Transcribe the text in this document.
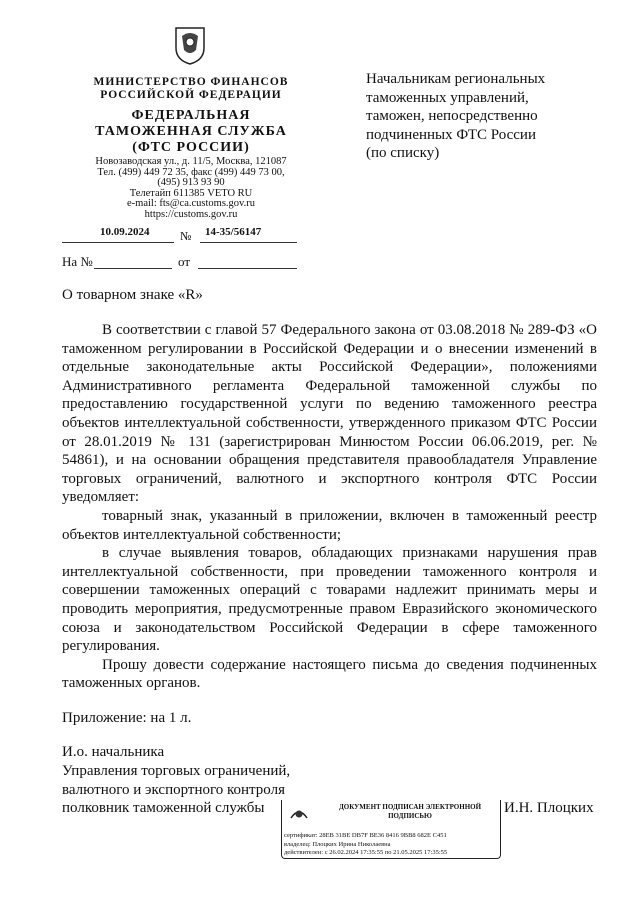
МИНИСТЕРСТВО ФИНАНСОВ
РОССИЙСКОЙ ФЕДЕРАЦИИ
ФЕДЕРАЛЬНАЯ
ТАМОЖЕННАЯ СЛУЖБА
(ФТС РОССИИ)
Новозаводская ул., д. 11/5, Москва, 121087
Тел. (499) 449 72 35, факс (499) 449 73 00,
(495) 913 93 90
Телетайп 611385 VETO RU
e-mail: fts@ca.customs.gov.ru
https://customs.gov.ru
10.09.2024	№ 14-35/56147
На №	от
Начальникам региональных
таможенных управлений,
таможен, непосредственно
подчиненных ФТС России
(по списку)
О товарном знаке «R»

В соответствии с главой 57 Федерального закона от 03.08.2018 № 289-ФЗ «О таможенном регулировании в Российской Федерации и о внесении изменений в отдельные законодательные акты Российской Федерации», положениями Административного регламента Федеральной таможенной службы по предоставлению государственной услуги по ведению таможенного реестра объектов интеллектуальной собственности, утвержденного приказом ФТС России от 28.01.2019 № 131 (зарегистрирован Минюстом России 06.06.2019, рег. № 54861), и на основании обращения представителя правообладателя Управление торговых ограничений, валютного и экспортного контроля ФТС России уведомляет:

товарный знак, указанный в приложении, включен в таможенный реестр объектов интеллектуальной собственности;

в случае выявления товаров, обладающих признаками нарушения прав интеллектуальной собственности, при проведении таможенного контроля и совершении таможенных операций с товарами надлежит принимать меры и проводить мероприятия, предусмотренные правом Евразийского экономического союза и законодательством Российской Федерации в сфере таможенного регулирования.

Прошу довести содержание настоящего письма до сведения подчиненных таможенных органов.

Приложение: на 1 л.
И.о. начальника
Управления торговых ограничений,
валютного и экспортного контроля
полковник таможенной службы	ДОКУМЕНТ ПОДПИСАН ЭЛЕКТРОННОЙ ПОДПИСЬЮ
сертификат: 28EB 31BE DB7F BE36 8416 9BB8 682E C451
владелец: Плоцких Ирина Николаевна
действителен: с 26.02.2024 17:35:55 по 21.05.2025 17:35:55
И.Н. Плоцких
